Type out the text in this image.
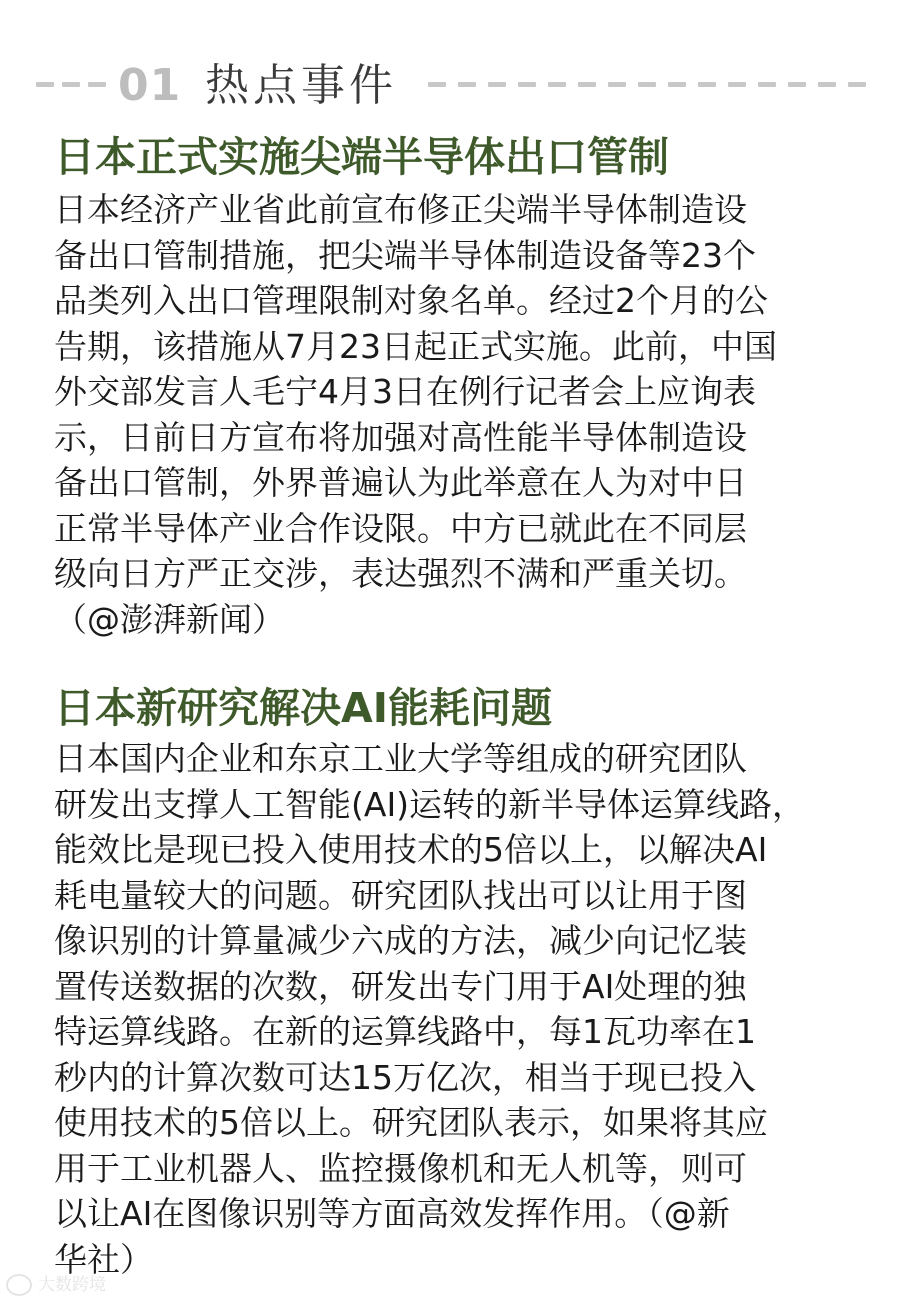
01 热点事件
日本正式实施尖端半导体出口管制

日本经济产业省此前宣布修正尖端半导体制造设
备出口管制措施，把尖端半导体制造设备等23个
品类列入出口管理限制对象名单。经过2个月的公
告期，该措施从7月23日起正式实施。此前，中国
外交部发言人毛宁4月3日在例行记者会上应询表
示，日前日方宣布将加强对高性能半导体制造设
备出口管制，外界普遍认为此举意在人为对中日
正常半导体产业合作设限。中方已就此在不同层
级向日方严正交涉，表达强烈不满和严重关切。
（@澎湃新闻）

日本新研究解决AI能耗问题

日本国内企业和东京工业大学等组成的研究团队
研发出支撑人工智能(AI)运转的新半导体运算线路，
能效比是现已投入使用技术的5倍以上，以解决AI
耗电量较大的问题。研究团队找出可以让用于图
像识别的计算量减少六成的方法，减少向记忆装
置传送数据的次数，研发出专门用于AI处理的独
特运算线路。在新的运算线路中，每1瓦功率在1
秒内的计算次数可达15万亿次，相当于现已投入
使用技术的5倍以上。研究团队表示，如果将其应
用于工业机器人、监控摄像机和无人机等，则可
以让AI在图像识别等方面高效发挥作用。（@新
华社）

大数跨境
